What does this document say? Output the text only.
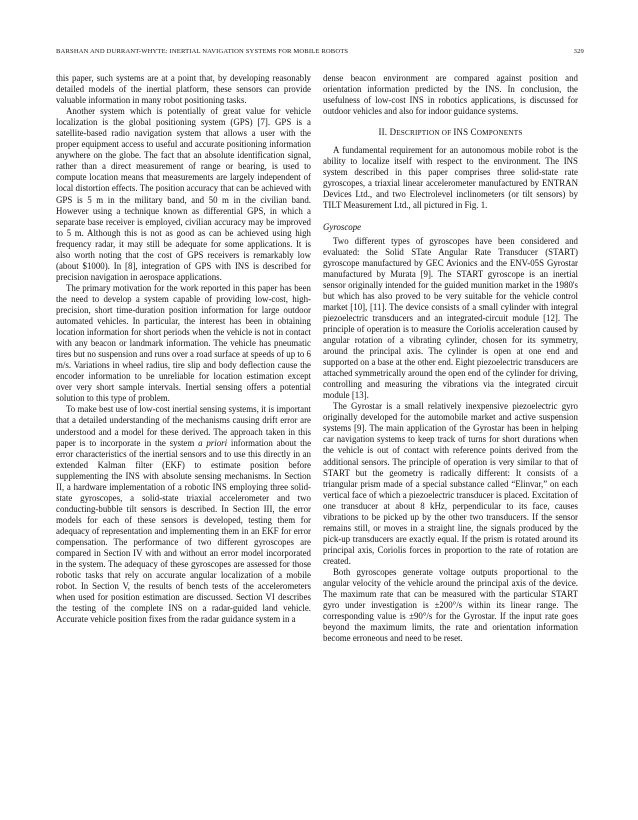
BARSHAN AND DURRANT-WHYTE: INERTIAL NAVIGATION SYSTEMS FOR MOBILE ROBOTS	329

this paper, such systems are at a point that, by developing reasonably detailed models of the inertial platform, these sensors can provide valuable information in many robot positioning tasks.

Another system which is potentially of great value for vehicle localization is the global positioning system (GPS) [7]. GPS is a satellite-based radio navigation system that allows a user with the proper equipment access to useful and accurate positioning information anywhere on the globe. The fact that an absolute identification signal, rather than a direct measurement of range or bearing, is used to compute location means that measurements are largely independent of local distortion effects. The position accuracy that can be achieved with GPS is 5 m in the military band, and 50 m in the civilian band. However using a technique known as differential GPS, in which a separate base receiver is employed, civilian accuracy may be improved to 5 m. Although this is not as good as can be achieved using high frequency radar, it may still be adequate for some applications. It is also worth noting that the cost of GPS receivers is remarkably low (about $1000). In [8], integration of GPS with INS is described for precision navigation in aerospace applications.

The primary motivation for the work reported in this paper has been the need to develop a system capable of providing low-cost, high-precision, short time-duration position information for large outdoor automated vehicles. In particular, the interest has been in obtaining location information for short periods when the vehicle is not in contact with any beacon or landmark information. The vehicle has pneumatic tires but no suspension and runs over a road surface at speeds of up to 6 m/s. Variations in wheel radius, tire slip and body deflection cause the encoder information to be unreliable for location estimation except over very short sample intervals. Inertial sensing offers a potential solution to this type of problem.

To make best use of low-cost inertial sensing systems, it is important that a detailed understanding of the mechanisms causing drift error are understood and a model for these derived. The approach taken in this paper is to incorporate in the system a priori information about the error characteristics of the inertial sensors and to use this directly in an extended Kalman filter (EKF) to estimate position before supplementing the INS with absolute sensing mechanisms. In Section II, a hardware implementation of a robotic INS employing three solid-state gyroscopes, a solid-state triaxial accelerometer and two conducting-bubble tilt sensors is described. In Section III, the error models for each of these sensors is developed, testing them for adequacy of representation and implementing them in an EKF for error compensation. The performance of two different gyroscopes are compared in Section IV with and without an error model incorporated in the system. The adequacy of these gyroscopes are assessed for those robotic tasks that rely on accurate angular localization of a mobile robot. In Section V, the results of bench tests of the accelerometers when used for position estimation are discussed. Section VI describes the testing of the complete INS on a radar-guided land vehicle. Accurate vehicle position fixes from the radar guidance system in a

dense beacon environment are compared against position and orientation information predicted by the INS. In conclusion, the usefulness of low-cost INS in robotics applications, is discussed for outdoor vehicles and also for indoor guidance systems.

II. DESCRIPTION OF INS COMPONENTS

A fundamental requirement for an autonomous mobile robot is the ability to localize itself with respect to the environment. The INS system described in this paper comprises three solid-state rate gyroscopes, a triaxial linear accelerometer manufactured by ENTRAN Devices Ltd., and two Electrolevel inclinometers (or tilt sensors) by TILT Measurement Ltd., all pictured in Fig. 1.

Gyroscope

Two different types of gyroscopes have been considered and evaluated: the Solid STate Angular Rate Transducer (START) gyroscope manufactured by GEC Avionics and the ENV-05S Gyrostar manufactured by Murata [9]. The START gyroscope is an inertial sensor originally intended for the guided munition market in the 1980's but which has also proved to be very suitable for the vehicle control market [10], [11]. The device consists of a small cylinder with integral piezoelectric transducers and an integrated-circuit module [12]. The principle of operation is to measure the Coriolis acceleration caused by angular rotation of a vibrating cylinder, chosen for its symmetry, around the principal axis. The cylinder is open at one end and supported on a base at the other end. Eight piezoelectric transducers are attached symmetrically around the open end of the cylinder for driving, controlling and measuring the vibrations via the integrated circuit module [13].

The Gyrostar is a small relatively inexpensive piezoelectric gyro originally developed for the automobile market and active suspension systems [9]. The main application of the Gyrostar has been in helping car navigation systems to keep track of turns for short durations when the vehicle is out of contact with reference points derived from the additional sensors. The principle of operation is very similar to that of START but the geometry is radically different: It consists of a triangular prism made of a special substance called “Elinvar,” on each vertical face of which a piezoelectric transducer is placed. Excitation of one transducer at about 8 kHz, perpendicular to its face, causes vibrations to be picked up by the other two transducers. If the sensor remains still, or moves in a straight line, the signals produced by the pick-up transducers are exactly equal. If the prism is rotated around its principal axis, Coriolis forces in proportion to the rate of rotation are created.

Both gyroscopes generate voltage outputs proportional to the angular velocity of the vehicle around the principal axis of the device. The maximum rate that can be measured with the particular START gyro under investigation is ±200°/s within its linear range. The corresponding value is ±90°/s for the Gyrostar. If the input rate goes beyond the maximum limits, the rate and orientation information become erroneous and need to be reset.
